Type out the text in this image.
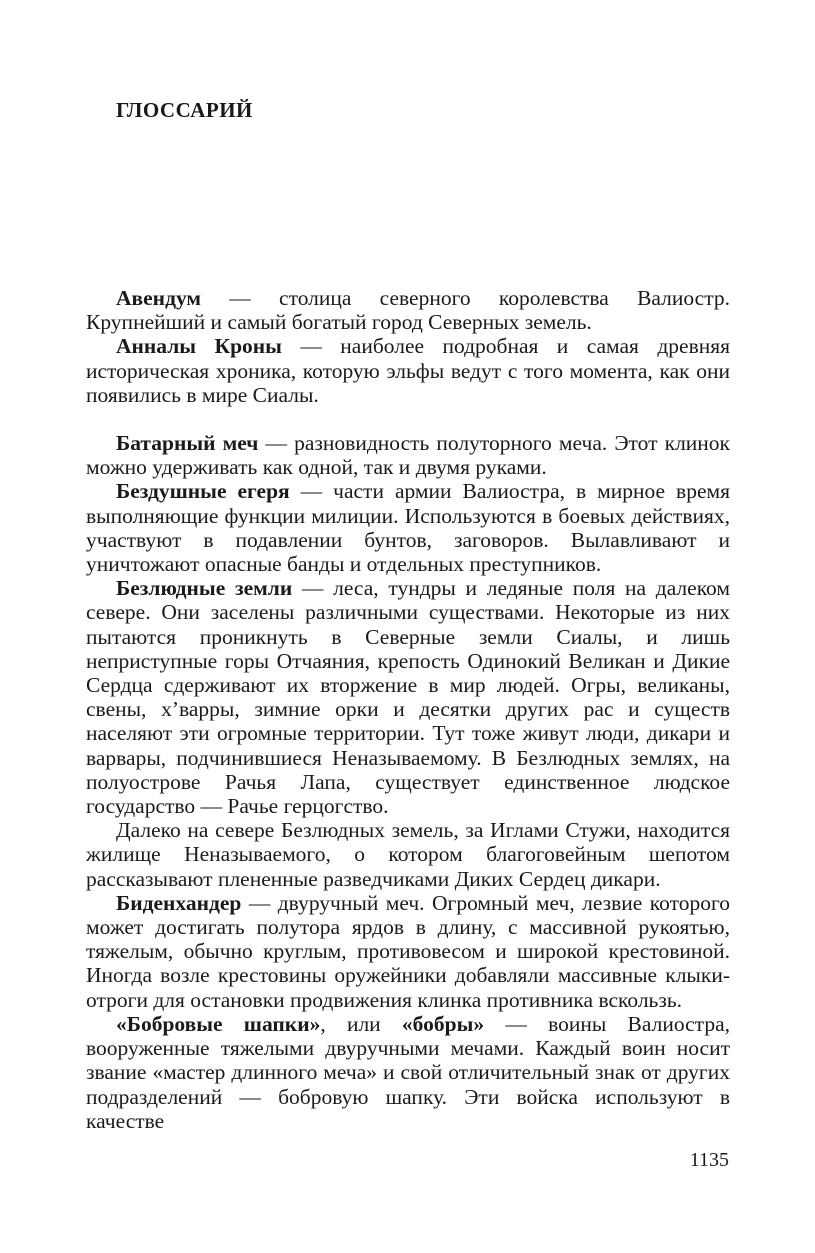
ГЛОССАРИЙ

Авендум — столица северного королевства Валиостр. Крупнейший и самый богатый город Северных земель.

Анналы Кроны — наиболее подробная и самая древняя историческая хроника, которую эльфы ведут с того момента, как они появились в мире Сиалы.

Батарный меч — разновидность полуторного меча. Этот клинок можно удерживать как одной, так и двумя руками.

Бездушные егеря — части армии Валиостра, в мирное время выполняющие функции милиции. Используются в боевых действиях, участвуют в подавлении бунтов, заговоров. Вылавливают и уничтожают опасные банды и отдельных преступников.

Безлюдные земли — леса, тундры и ледяные поля на далеком севере. Они заселены различными существами. Некоторые из них пытаются проникнуть в Северные земли Сиалы, и лишь неприступные горы Отчаяния, крепость Одинокий Великан и Дикие Сердца сдерживают их вторжение в мир людей. Огры, великаны, свены, х’варры, зимние орки и десятки других рас и существ населяют эти огромные территории. Тут тоже живут люди, дикари и варвары, подчинившиеся Неназываемому. В Безлюдных землях, на полуострове Рачья Лапа, существует единственное людское государство — Рачье герцогство.

Далеко на севере Безлюдных земель, за Иглами Стужи, находится жилище Неназываемого, о котором благоговейным шепотом рассказывают плененные разведчиками Диких Сердец дикари.

Биденхандер — двуручный меч. Огромный меч, лезвие которого может достигать полутора ярдов в длину, с массивной рукоятью, тяжелым, обычно круглым, противовесом и широкой крестовиной. Иногда возле крестовины оружейники добавляли массивные клыки-отроги для остановки продвижения клинка противника вскользь.

«Бобровые шапки», или «бобры» — воины Валиостра, вооруженные тяжелыми двуручными мечами. Каждый воин носит звание «мастер длинного меча» и свой отличительный знак от других подразделений — бобровую шапку. Эти войска используют в качестве

1135
